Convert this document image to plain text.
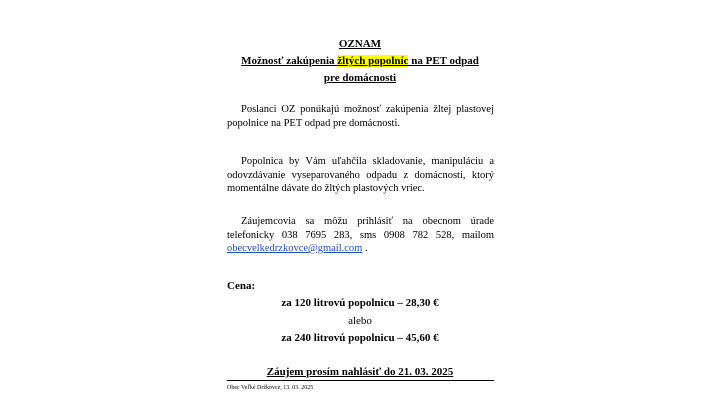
OZNAM
Možnosť zakúpenia žltých popolníc na PET odpad
pre domácnosti
Poslanci OZ ponúkajú možnosť zakúpenia žltej plastovej popolnice na PET odpad pre domácnosti.
Popolnica by Vám uľahčila skladovanie, manipuláciu a odovzdávanie vyseparovaného odpadu z domácnosti, ktorý momentálne dávate do žltých plastových vriec.
Záujemcovia sa môžu prihlásiť na obecnom úrade telefonicky 038 7695 283, sms 0908 782 528, mailom obecvelkedrzkovce@gmail.com .
Cena:
za 120 litrovú popolnicu – 28,30 €
alebo
za 240 litrovú popolnicu – 45,60 €
Záujem prosím nahlásiť do 21. 03. 2025
Obec Veľké Držkovce, 13. 03. 2025
